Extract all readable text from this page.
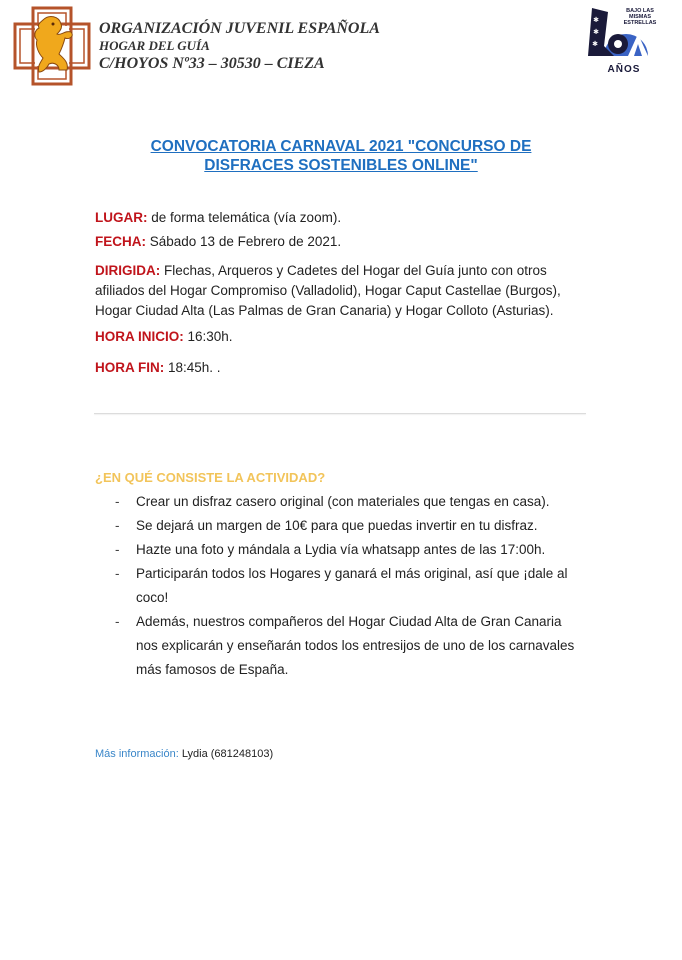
ORGANIZACIÓN JUVENIL ESPAÑOLA
HOGAR DEL GUÍA
C/HOYOS Nº33 – 30530 – CIEZA
✱
✱
✱
BAJO LAS MISMAS ESTRELLAS
AÑOS
CONVOCATORIA CARNAVAL 2021 "CONCURSO DE
DISFRACES SOSTENIBLES ONLINE"
LUGAR: de forma telemática (vía zoom).
FECHA: Sábado 13 de Febrero de 2021.
DIRIGIDA: Flechas, Arqueros y Cadetes del Hogar del Guía junto con otros afiliados del Hogar Compromiso (Valladolid), Hogar Caput Castellae (Burgos), Hogar Ciudad Alta (Las Palmas de Gran Canaria) y Hogar Colloto (Asturias).
HORA INICIO: 16:30h.
HORA FIN: 18:45h. .
¿EN QUÉ CONSISTE LA ACTIVIDAD?
-	Crear un disfraz casero original (con materiales que tengas en casa).
-	Se dejará un margen de 10€ para que puedas invertir en tu disfraz.
-	Hazte una foto y mándala a Lydia vía whatsapp antes de las 17:00h.
-	Participarán todos los Hogares y ganará el más original, así que ¡dale al coco!
-	Además, nuestros compañeros del Hogar Ciudad Alta de Gran Canaria nos explicarán y enseñarán todos los entresijos de uno de los carnavales más famosos de España.
Más información: Lydia (681248103)
